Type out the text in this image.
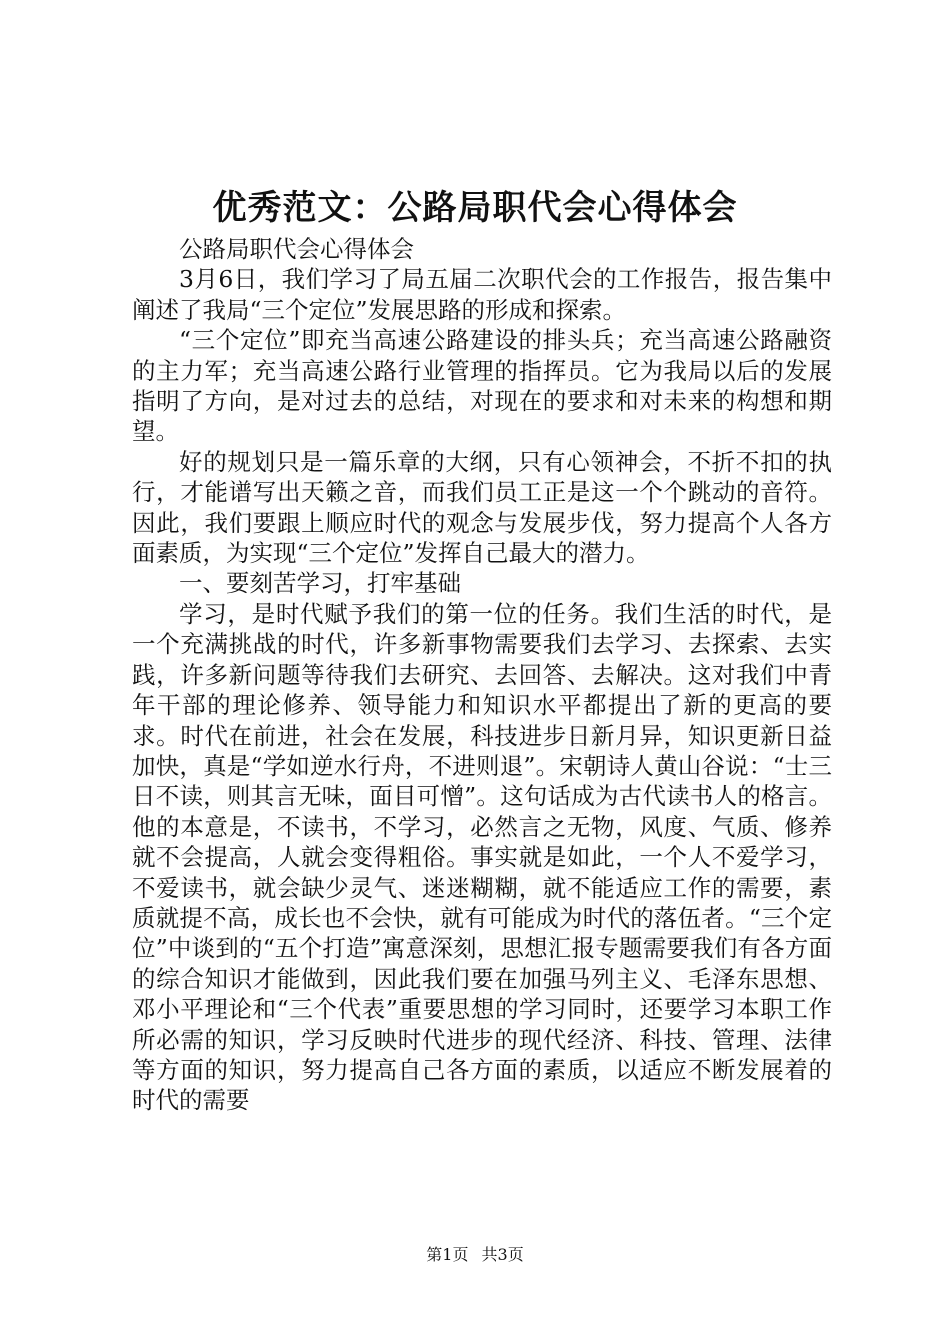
优秀范文：公路局职代会心得体会

公路局职代会心得体会

3月6日，我们学习了局五届二次职代会的工作报告，报告集中阐述了我局“三个定位”发展思路的形成和探索。

“三个定位”即充当高速公路建设的排头兵；充当高速公路融资的主力军；充当高速公路行业管理的指挥员。它为我局以后的发展指明了方向，是对过去的总结，对现在的要求和对未来的构想和期望。

好的规划只是一篇乐章的大纲，只有心领神会，不折不扣的执行，才能谱写出天籁之音，而我们员工正是这一个个跳动的音符。因此，我们要跟上顺应时代的观念与发展步伐，努力提高个人各方面素质，为实现“三个定位”发挥自己最大的潜力。

一、要刻苦学习，打牢基础

学习，是时代赋予我们的第一位的任务。我们生活的时代，是一个充满挑战的时代，许多新事物需要我们去学习、去探索、去实践，许多新问题等待我们去研究、去回答、去解决。这对我们中青年干部的理论修养、领导能力和知识水平都提出了新的更高的要求。时代在前进，社会在发展，科技进步日新月异，知识更新日益加快，真是“学如逆水行舟，不进则退”。宋朝诗人黄山谷说：“士三日不读，则其言无味，面目可憎”。这句话成为古代读书人的格言。他的本意是，不读书，不学习，必然言之无物，风度、气质、修养就不会提高，人就会变得粗俗。事实就是如此，一个人不爱学习，不爱读书，就会缺少灵气、迷迷糊糊，就不能适应工作的需要，素质就提不高，成长也不会快，就有可能成为时代的落伍者。“三个定位”中谈到的“五个打造”寓意深刻，思想汇报专题需要我们有各方面的综合知识才能做到，因此我们要在加强马列主义、毛泽东思想、邓小平理论和“三个代表”重要思想的学习同时，还要学习本职工作所必需的知识，学习反映时代进步的现代经济、科技、管理、法律等方面的知识，努力提高自己各方面的素质，以适应不断发展着的时代的需要

第1页 共3页
